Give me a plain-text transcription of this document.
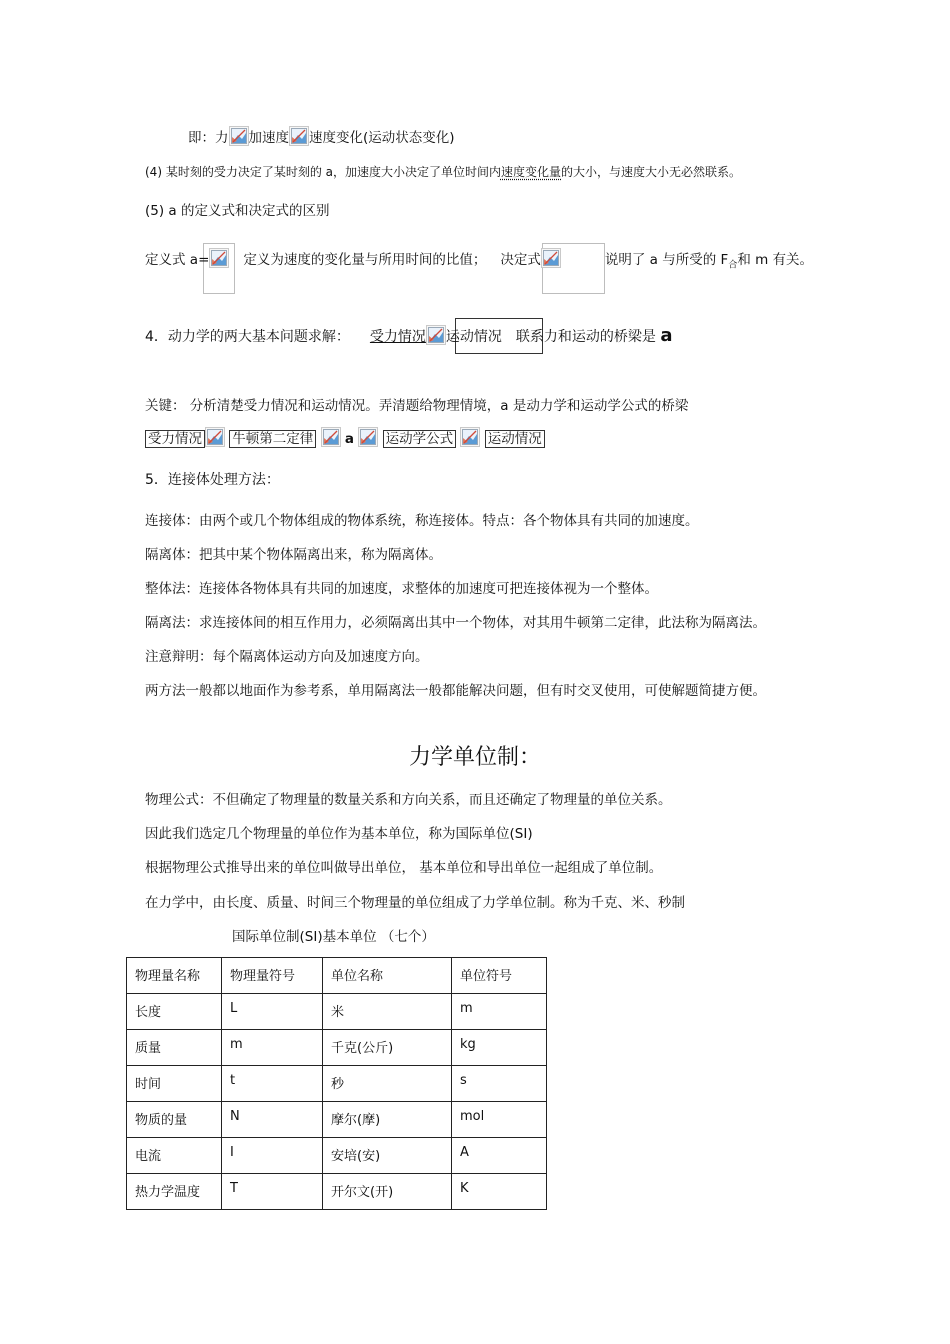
即：力 加速度 速度变化(运动状态变化)
(4) 某时刻的受力决定了某时刻的 a，加速度大小决定了单位时间内速度变化量的大小，与速度大小无必然联系。
(5) a 的定义式和决定式的区别
定义式 a=	定义为速度的变化量与所用时间的比值； 决定式	说明了 a 与所受的 $F_合$和 m 有关。
4．动力学的两大基本问题求解： 受力情况 运动情况 联系力和运动的桥梁是 a
关键： 分析清楚受力情况和运动情况。弄清题给物理情境，a 是动力学和运动学公式的桥梁
受力情况 牛顿第二定律 a 运动学公式	运动情况
5．连接体处理方法：
连接体：由两个或几个物体组成的物体系统，称连接体。特点：各个物体具有共同的加速度。
隔离体：把其中某个物体隔离出来，称为隔离体。
整体法：连接体各物体具有共同的加速度，求整体的加速度可把连接体视为一个整体。
隔离法：求连接体间的相互作用力，必须隔离出其中一个物体，对其用牛顿第二定律，此法称为隔离法。
注意辩明：每个隔离体运动方向及加速度方向。
两方法一般都以地面作为参考系，单用隔离法一般都能解决问题，但有时交叉使用，可使解题简捷方便。
力学单位制：
物理公式：不但确定了物理量的数量关系和方向关系，而且还确定了物理量的单位关系。
因此我们选定几个物理量的单位作为基本单位，称为国际单位(SI)
根据物理公式推导出来的单位叫做导出单位， 基本单位和导出单位一起组成了单位制。
在力学中，由长度、质量、时间三个物理量的单位组成了力学单位制。称为千克、米、秒制
国际单位制(SI)基本单位 （七个）
物理量名称	物理量符号	单位名称	单位符号
长度	L	米	m
质量	m	千克(公斤)	kg
时间	t	秒	s
物质的量	N	摩尔(摩)	mol
电流	I	安培(安)	A
热力学温度	T	开尔文(开)	K
